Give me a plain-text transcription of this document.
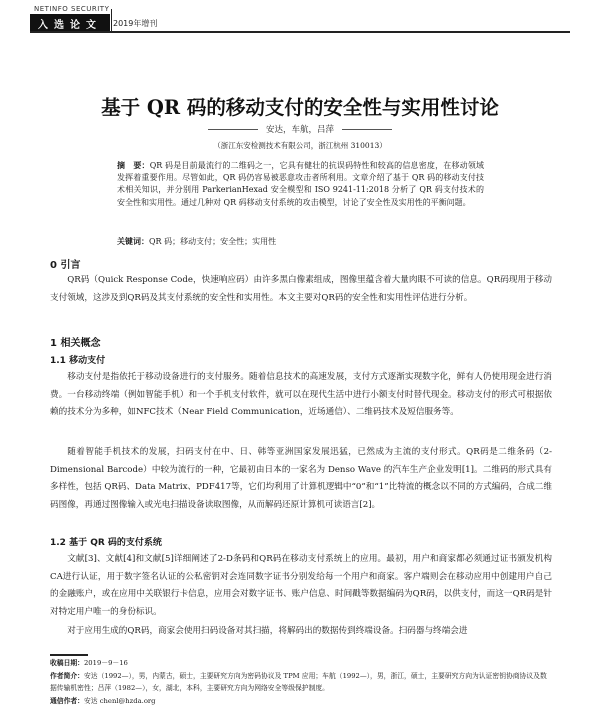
NETINFO SECURITY
入选论文	2019年增刊
基于 QR 码的移动支付的安全性与实用性讨论
安达，车航，吕萍
（浙江东安检测技术有限公司，浙江杭州 310013）
摘　要：QR 码是目前最流行的二维码之一，它具有健壮的抗误码特性和较高的信息密度，在移动领域发挥着重要作用。尽管如此，QR 码仍容易被恶意攻击者所利用。文章介绍了基于 QR 码的移动支付技术相关知识，并分别用 ParkerianHexad 安全模型和 ISO 9241-11:2018 分析了 QR 码支付技术的安全性和实用性。通过几种对 QR 码移动支付系统的攻击模型，讨论了安全性及实用性的平衡问题。
关键词：QR 码；移动支付；安全性；实用性
0 引言
QR码（Quick Response Code，快速响应码）由许多黑白像素组成，图像里蕴含着大量肉眼不可读的信息。QR码现用于移动支付领域，这涉及到QR码及其支付系统的安全性和实用性。本文主要对QR码的安全性和实用性评估进行分析。
1 相关概念
1.1 移动支付
移动支付是指依托于移动设备进行的支付服务。随着信息技术的高速发展，支付方式逐渐实现数字化，鲜有人仍使用现金进行消费。一台移动终端（例如智能手机）和一个手机支付软件，就可以在现代生活中进行小额支付时替代现金。移动支付的形式可根据依赖的技术分为多种，如NFC技术（Near Field Communication，近场通信）、二维码技术及短信服务等。
随着智能手机技术的发展，扫码支付在中、日、韩等亚洲国家发展迅猛，已然成为主流的支付形式。QR码是二维条码（2-Dimensional Barcode）中较为流行的一种，它最初由日本的一家名为 Denso Wave 的汽车生产企业发明[1]。二维码的形式具有多样性，包括 QR码、Data Matrix、PDF417等，它们均利用了计算机逻辑中“0”和“1”比特流的概念以不同的方式编码，合成二维码图像，再通过图像输入或光电扫描设备读取图像，从而解码还原计算机可读语言[2]。
1.2 基于 QR 码的支付系统
文献[3]、文献[4]和文献[5]详细阐述了2-D条码和QR码在移动支付系统上的应用。最初，用户和商家都必须通过证书颁发机构CA进行认证，用于数字签名认证的公私密钥对会连同数字证书分别发给每一个用户和商家。客户端则会在移动应用中创建用户自己的金融账户，或在应用中关联银行卡信息，应用会对数字证书、账户信息、时间戳等数据编码为QR码，以供支付，而这一QR码是针对特定用户唯一的身份标识。
对于应用生成的QR码，商家会使用扫码设备对其扫描，将解码出的数据传到终端设备。扫码器与终端会进
收稿日期：2019－9－16
作者简介：安达（1992—），男，内蒙古，硕士，主要研究方向为密码协议及 TPM 应用；车航（1992—），男，浙江，硕士，主要研究方向为认证密钥协商协议及数据传输机密性；吕萍（1982—），女，湖北，本科，主要研究方向为网络安全等级保护制度。
通信作者：安达 chenl@hzda.org
